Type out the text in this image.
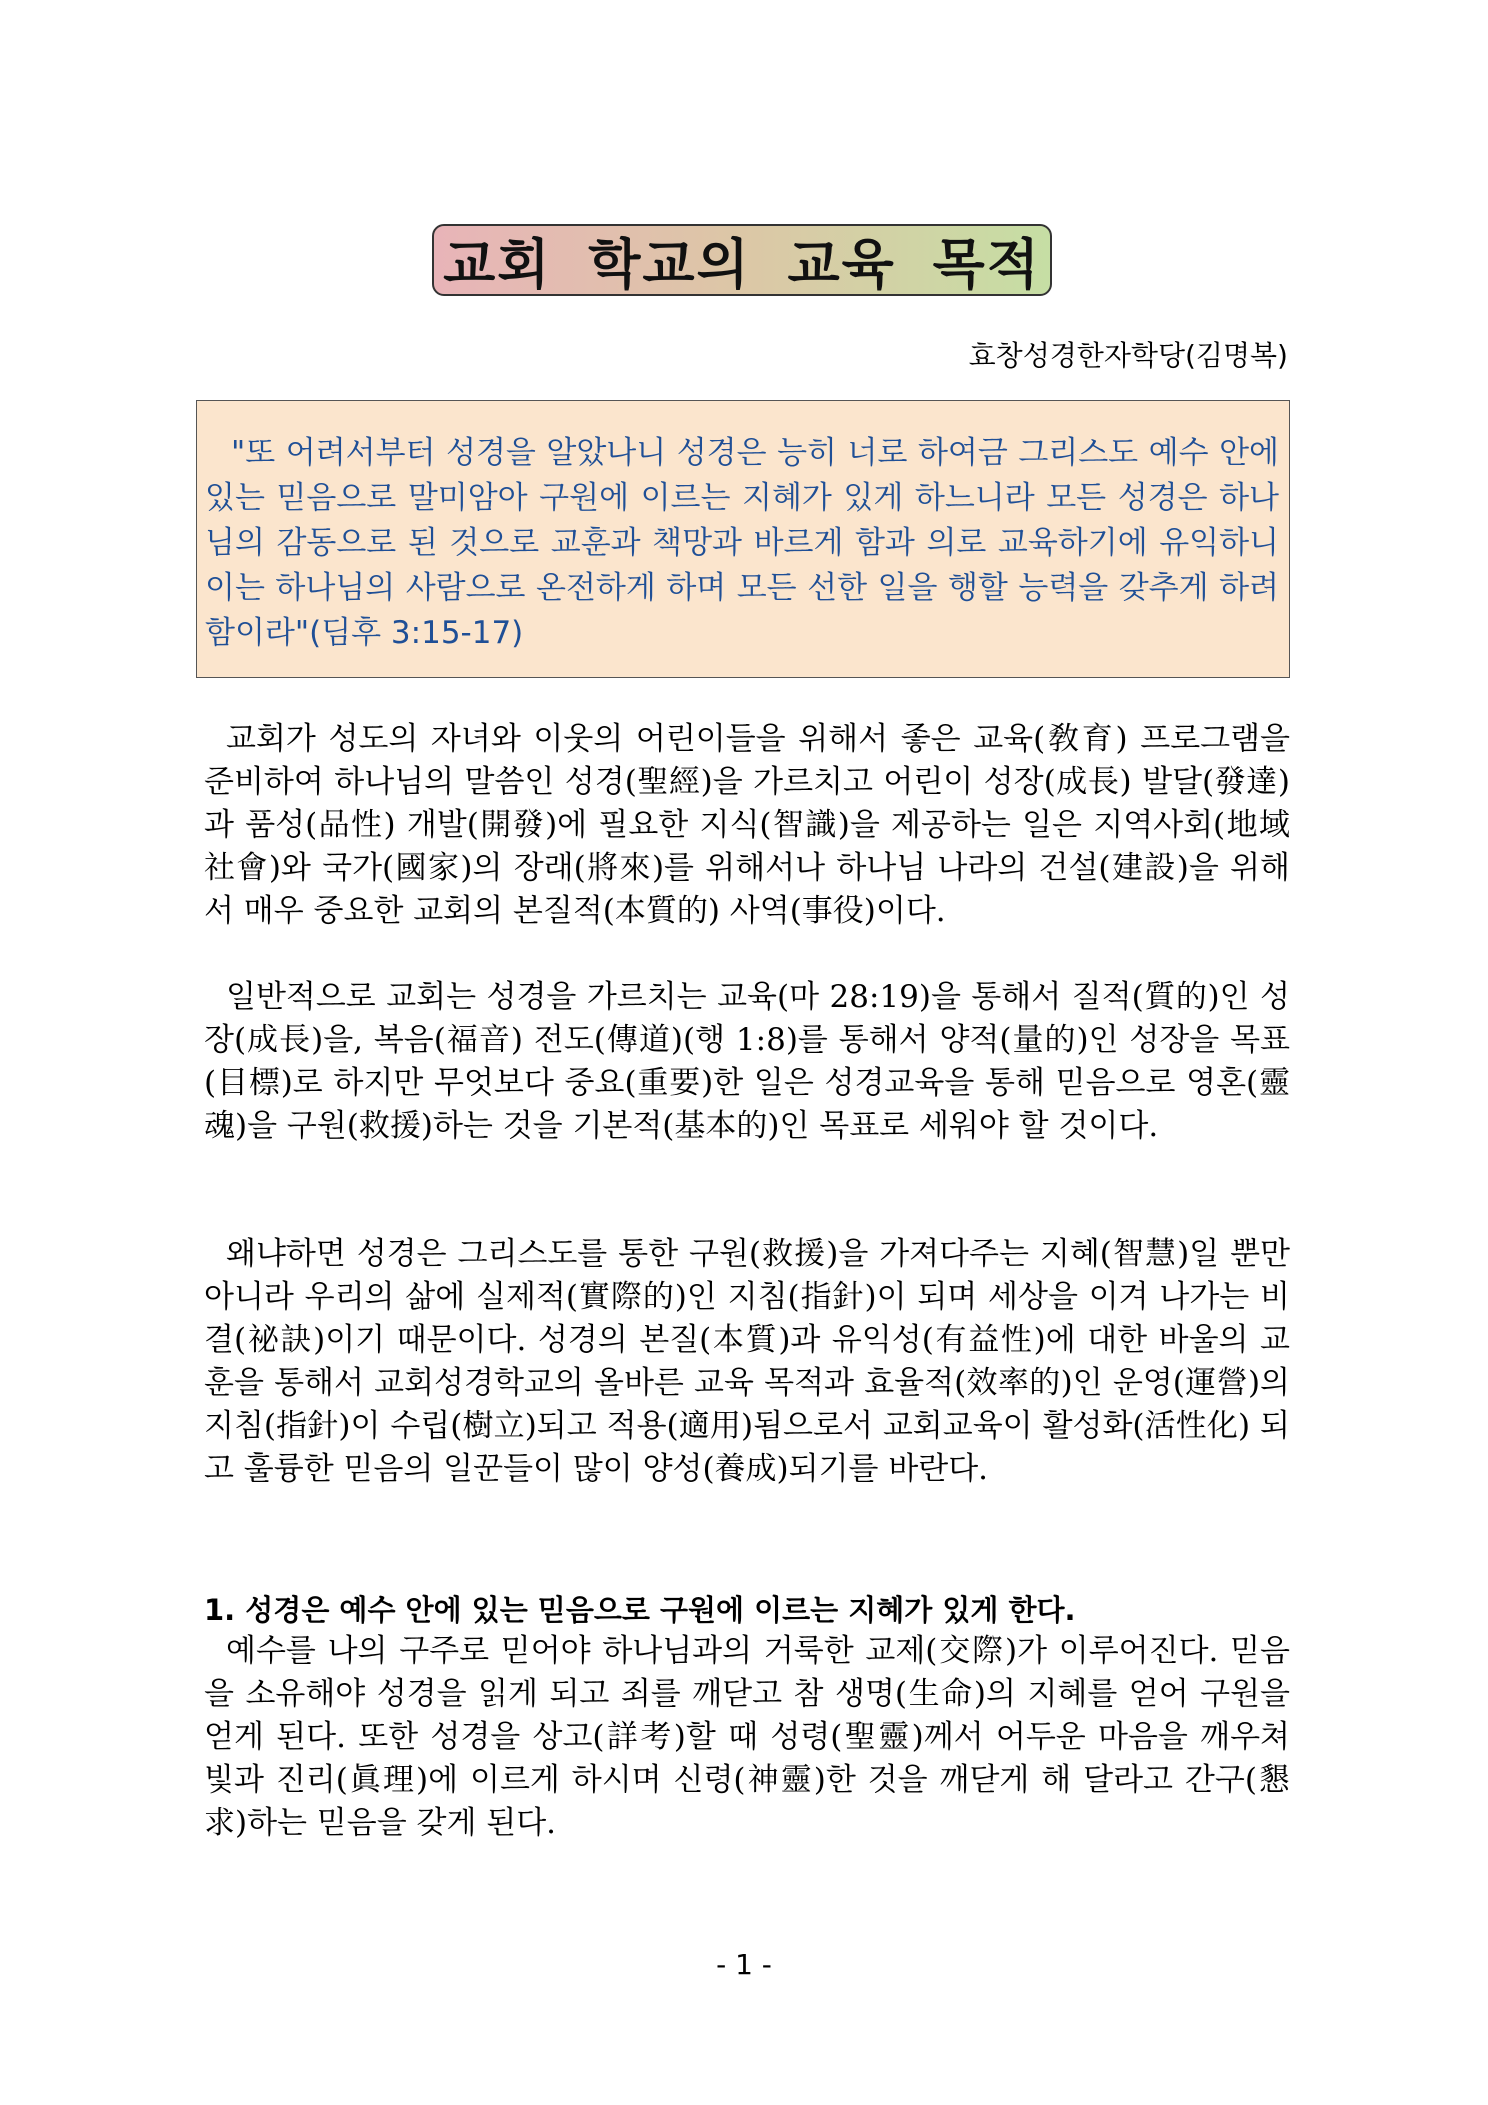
교회 학교의 교육 목적
효창성경한자학당(김명복)

"또 어려서부터 성경을 알았나니 성경은 능히 너로 하여금 그리스도 예수 안에 있는 믿음으로 말미암아 구원에 이르는 지혜가 있게 하느니라 모든 성경은 하나님의 감동으로 된 것으로 교훈과 책망과 바르게 함과 의로 교육하기에 유익하니 이는 하나님의 사람으로 온전하게 하며 모든 선한 일을 행할 능력을 갖추게 하려함이라"(딤후 3:15-17)

교회가 성도의 자녀와 이웃의 어린이들을 위해서 좋은 교육(敎育) 프로그램을 준비하여 하나님의 말씀인 성경(聖經)을 가르치고 어린이 성장(成長) 발달(發達)과 품성(品性) 개발(開發)에 필요한 지식(智識)을 제공하는 일은 지역사회(地域社會)와 국가(國家)의 장래(將來)를 위해서나 하나님 나라의 건설(建設)을 위해서 매우 중요한 교회의 본질적(本質的) 사역(事役)이다.

일반적으로 교회는 성경을 가르치는 교육(마 28:19)을 통해서 질적(質的)인 성장(成長)을, 복음(福音) 전도(傳道)(행 1:8)를 통해서 양적(量的)인 성장을 목표(目標)로 하지만 무엇보다 중요(重要)한 일은 성경교육을 통해 믿음으로 영혼(靈魂)을 구원(救援)하는 것을 기본적(基本的)인 목표로 세워야 할 것이다.

왜냐하면 성경은 그리스도를 통한 구원(救援)을 가져다주는 지혜(智慧)일 뿐만 아니라 우리의 삶에 실제적(實際的)인 지침(指針)이 되며 세상을 이겨 나가는 비결(祕訣)이기 때문이다. 성경의 본질(本質)과 유익성(有益性)에 대한 바울의 교훈을 통해서 교회성경학교의 올바른 교육 목적과 효율적(效率的)인 운영(運營)의 지침(指針)이 수립(樹立)되고 적용(適用)됨으로서 교회교육이 활성화(活性化) 되고 훌륭한 믿음의 일꾼들이 많이 양성(養成)되기를 바란다.

1. 성경은 예수 안에 있는 믿음으로 구원에 이르는 지혜가 있게 한다.

예수를 나의 구주로 믿어야 하나님과의 거룩한 교제(交際)가 이루어진다. 믿음을 소유해야 성경을 읽게 되고 죄를 깨닫고 참 생명(生命)의 지혜를 얻어 구원을 얻게 된다. 또한 성경을 상고(詳考)할 때 성령(聖靈)께서 어두운 마음을 깨우쳐 빛과 진리(眞理)에 이르게 하시며 신령(神靈)한 것을 깨닫게 해 달라고 간구(懇求)하는 믿음을 갖게 된다.

- 1 -
